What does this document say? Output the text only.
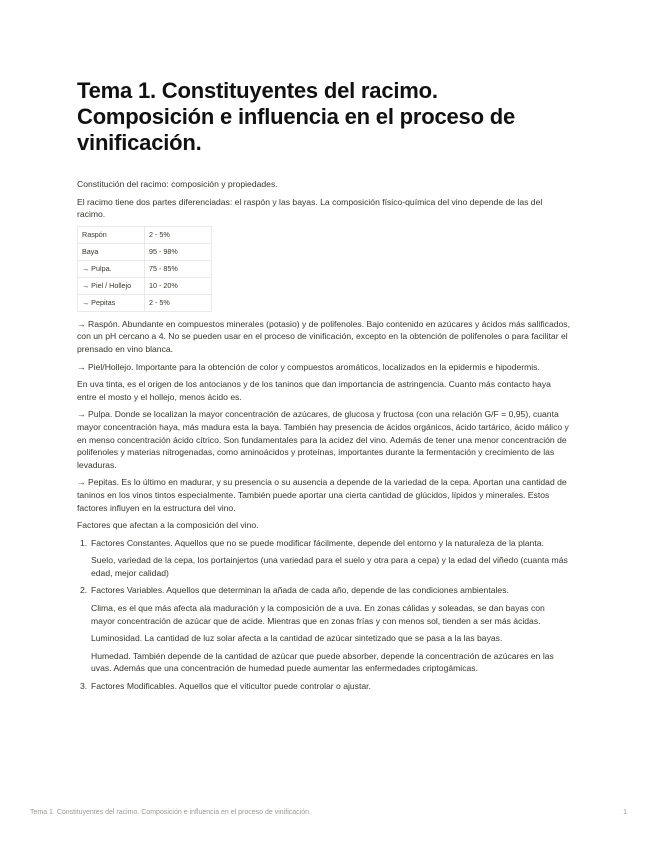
Tema 1. Constituyentes del racimo. Composición e influencia en el proceso de vinificación.

Constitución del racimo: composición y propiedades.

El racimo tiene dos partes diferenciadas: el raspón y las bayas. La composición físico-química del vino depende de las del racimo.

Raspón	2 - 5%
Baya	95 - 98%
→ Pulpa.	75 - 85%
→ Piel / Hollejo	10 - 20%
→ Pepitas	2 - 5%

→ Raspón. Abundante en compuestos minerales (potasio) y de polifenoles. Bajo contenido en azúcares y ácidos más salificados, con un pH cercano a 4. No se pueden usar en el proceso de vinificación, excepto en la obtención de polifenoles o para facilitar el prensado en vino blanca.

→ Piel/Hollejo. Importante para la obtención de color y compuestos aromáticos, localizados en la epidermis e hipodermis.

En uva tinta, es el origen de los antocianos y de los taninos que dan importancia de astringencia. Cuanto más contacto haya entre el mosto y el hollejo, menos ácido es.

→ Pulpa. Donde se localizan la mayor concentración de azúcares, de glucosa y fructosa (con una relación G/F = 0,95), cuanta mayor concentración haya, más madura esta la baya. También hay presencia de ácidos orgánicos, ácido tartárico, ácido málico y en menso concentración ácido cítrico. Son fundamentales para la acidez del vino. Además de tener una menor concentración de polifenoles y materias nitrogenadas, como aminoácidos y proteínas, importantes durante la fermentación y crecimiento de las levaduras.

→ Pepitas. Es lo último en madurar, y su presencia o su ausencia a depende de la variedad de la cepa. Aportan una cantidad de taninos en los vinos tintos especialmente. También puede aportar una cierta cantidad de glúcidos, lípidos y minerales. Estos factores influyen en la estructura del vino.

Factores que afectan a la composición del vino.

1. Factores Constantes. Aquellos que no se puede modificar fácilmente, depende del entorno y la naturaleza de la planta.

Suelo, variedad de la cepa, los portainjertos (una variedad para el suelo y otra para a cepa) y la edad del viñedo (cuanta más edad, mejor calidad)

2. Factores Variables. Aquellos que determinan la añada de cada año, depende de las condiciones ambientales.

Clima, es el que más afecta ala maduración y la composición de a uva. En zonas cálidas y soleadas, se dan bayas con mayor concentración de azúcar que de acide. Mientras que en zonas frías y con menos sol, tienden a ser más ácidas.

Luminosidad. La cantidad de luz solar afecta a la cantidad de azúcar sintetizado que se pasa a la las bayas.

Humedad. También depende de la cantidad de azúcar que puede absorber, depende la concentración de azúcares en las uvas. Además que una concentración de humedad puede aumentar las enfermedades criptogámicas.

3. Factores Modificables. Aquellos que el viticultor puede controlar o ajustar.

Tema 1. Constituyentes del racimo. Composición e influencia en el proceso de vinificación.	1
